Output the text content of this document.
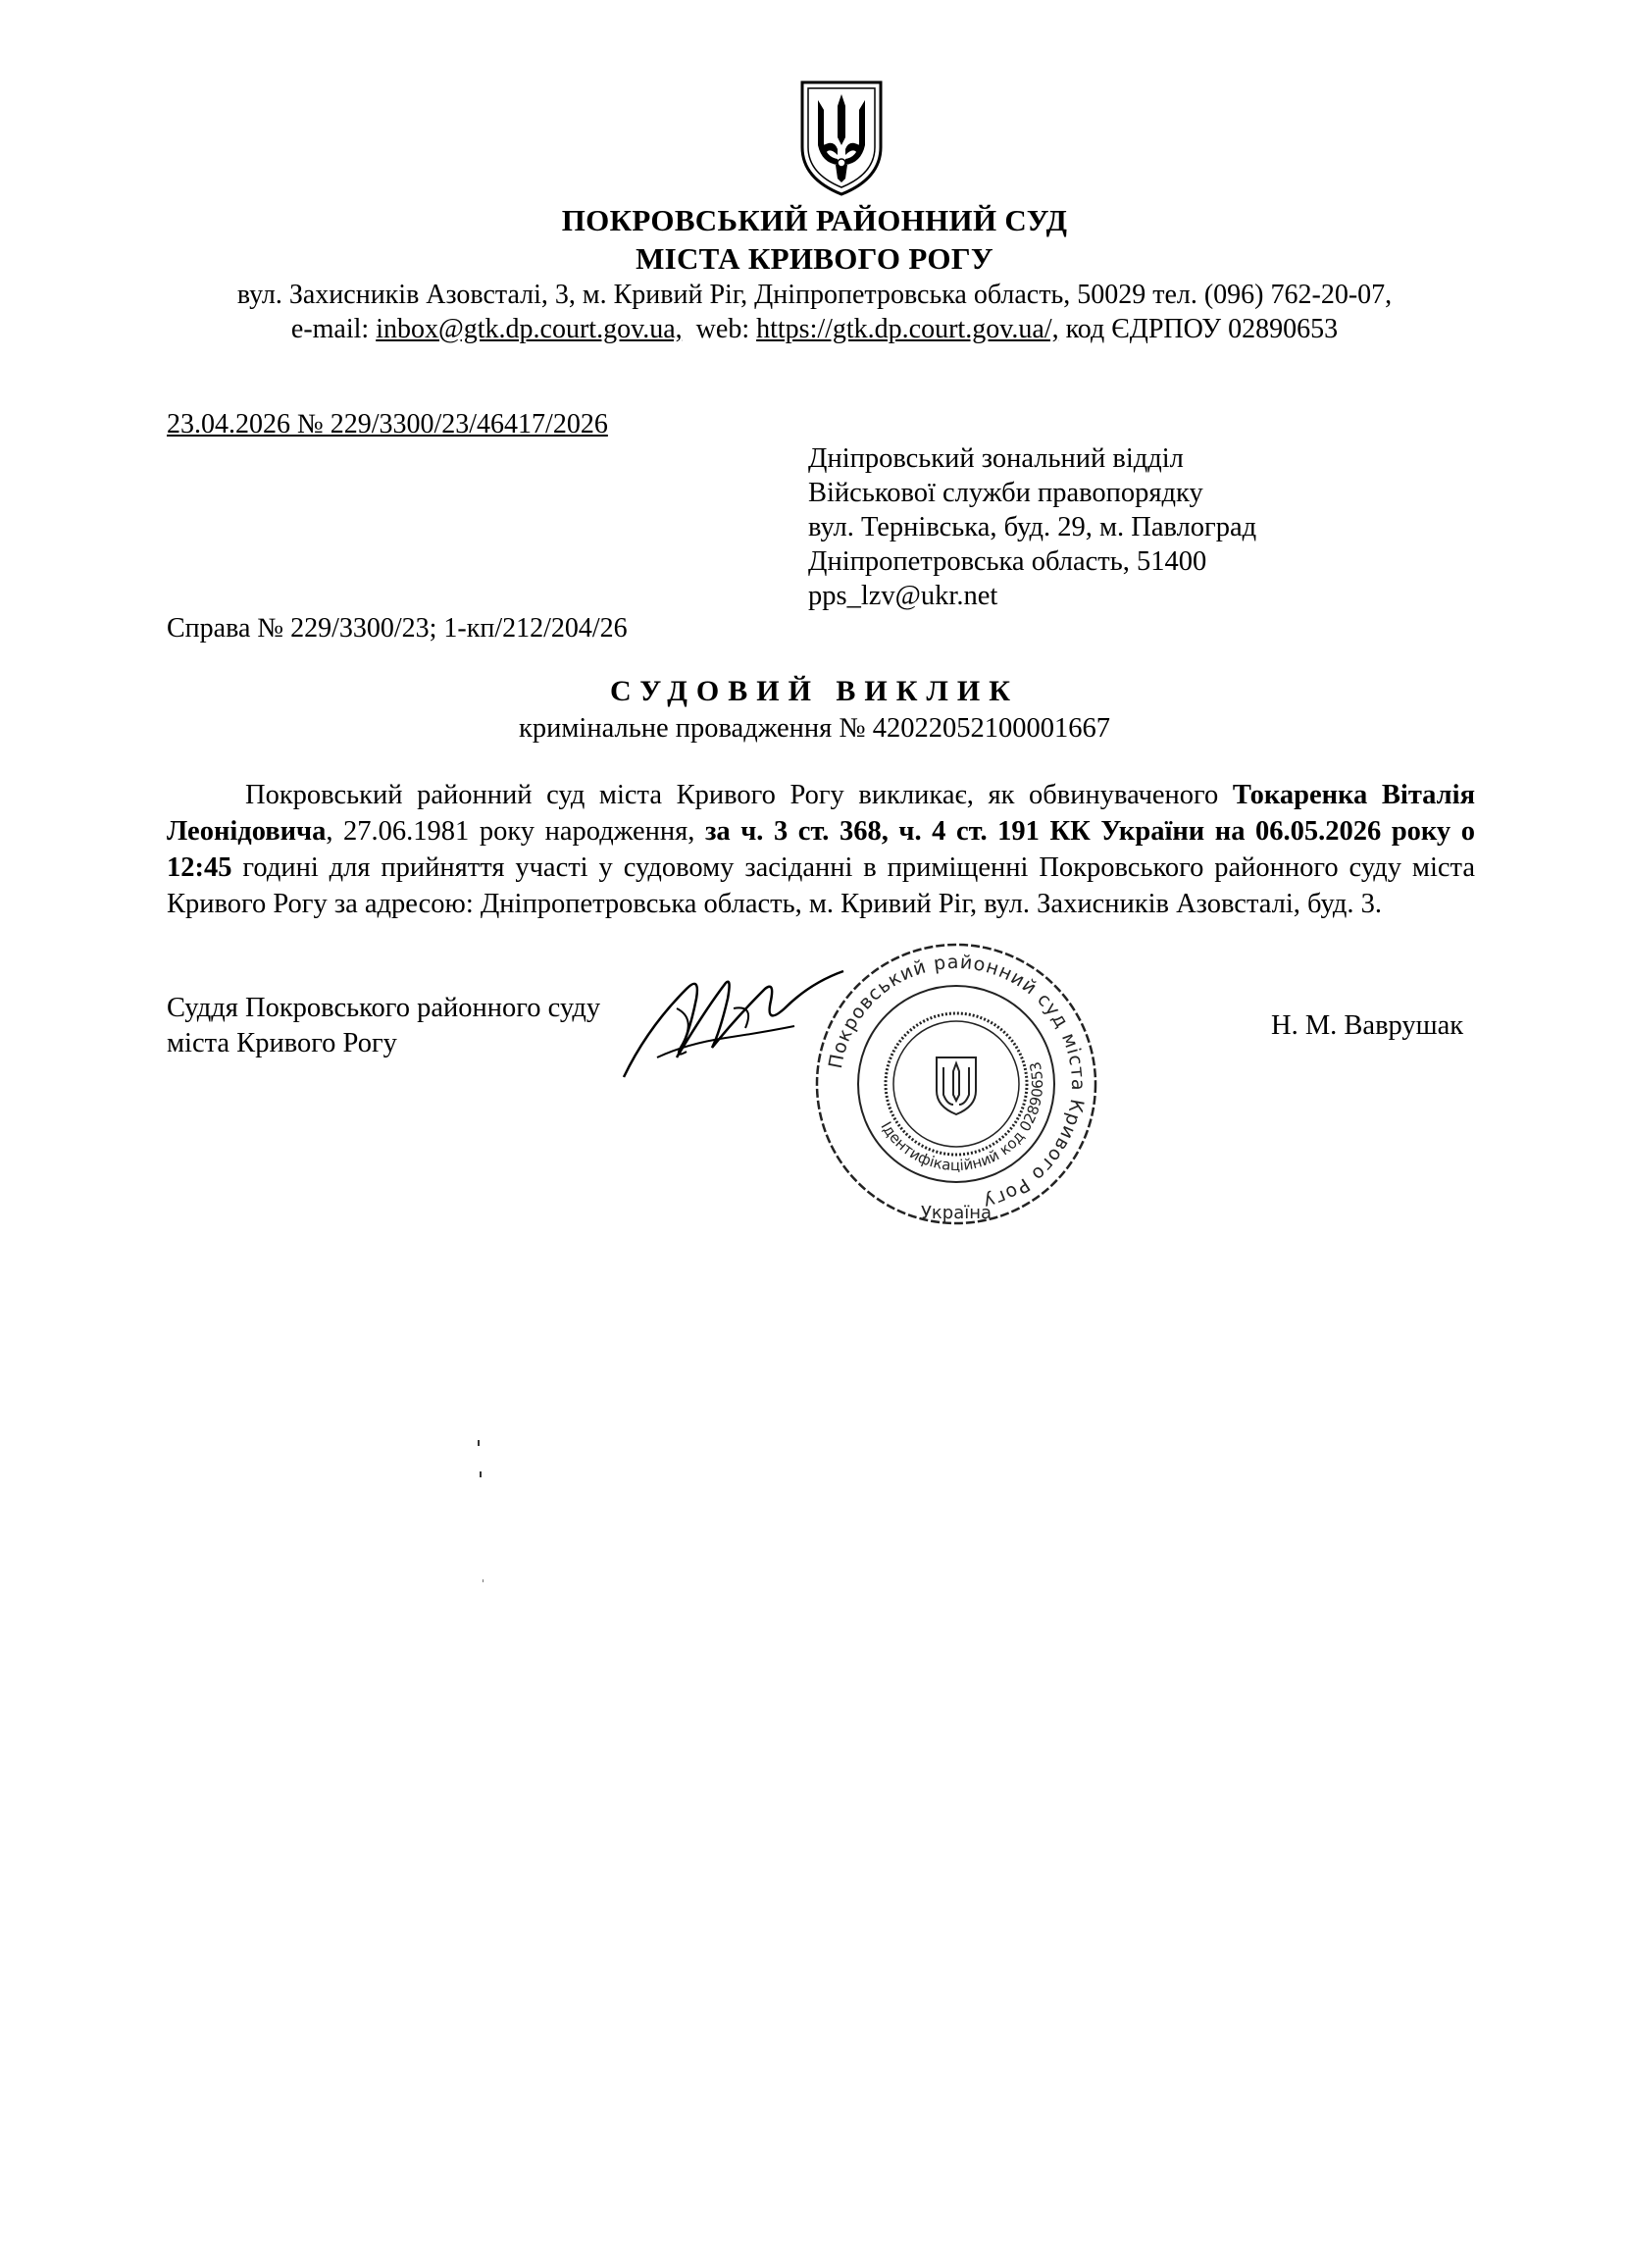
ПОКРОВСЬКИЙ РАЙОННИЙ СУД
МІСТА КРИВОГО РОГУ
вул. Захисників Азовсталі, 3, м. Кривий Ріг, Дніпропетровська область, 50029 тел. (096) 762-20-07,
e-mail: inbox@gtk.dp.court.gov.ua, web: https://gtk.dp.court.gov.ua/, код ЄДРПОУ 02890653
23.04.2026 № 229/3300/23/46417/2026
Дніпровський зональний відділ
Військової служби правопорядку
вул. Тернівська, буд. 29, м. Павлоград
Дніпропетровська область, 51400
pps_lzv@ukr.net
Справа № 229/3300/23; 1-кп/212/204/26
СУДОВИЙ ВИКЛИК
кримінальне провадження № 42022052100001667
Покровський районний суд міста Кривого Рогу викликає, як обвинуваченого Токаренка Віталія Леонідовича, 27.06.1981 року народження, за ч. 3 ст. 368, ч. 4 ст. 191 КК України на 06.05.2026 року о 12:45 годині для прийняття участі у судовому засіданні в приміщенні Покровського районного суду міста Кривого Рогу за адресою: Дніпропетровська область, м. Кривий Ріг, вул. Захисників Азовсталі, буд. 3.
Суддя Покровського районного суду
міста Кривого Рогу
Н. М. Ваврушак
Покровський районний суд міста Кривого Рогу
Ідентифікаційний код 02890653
Україна
